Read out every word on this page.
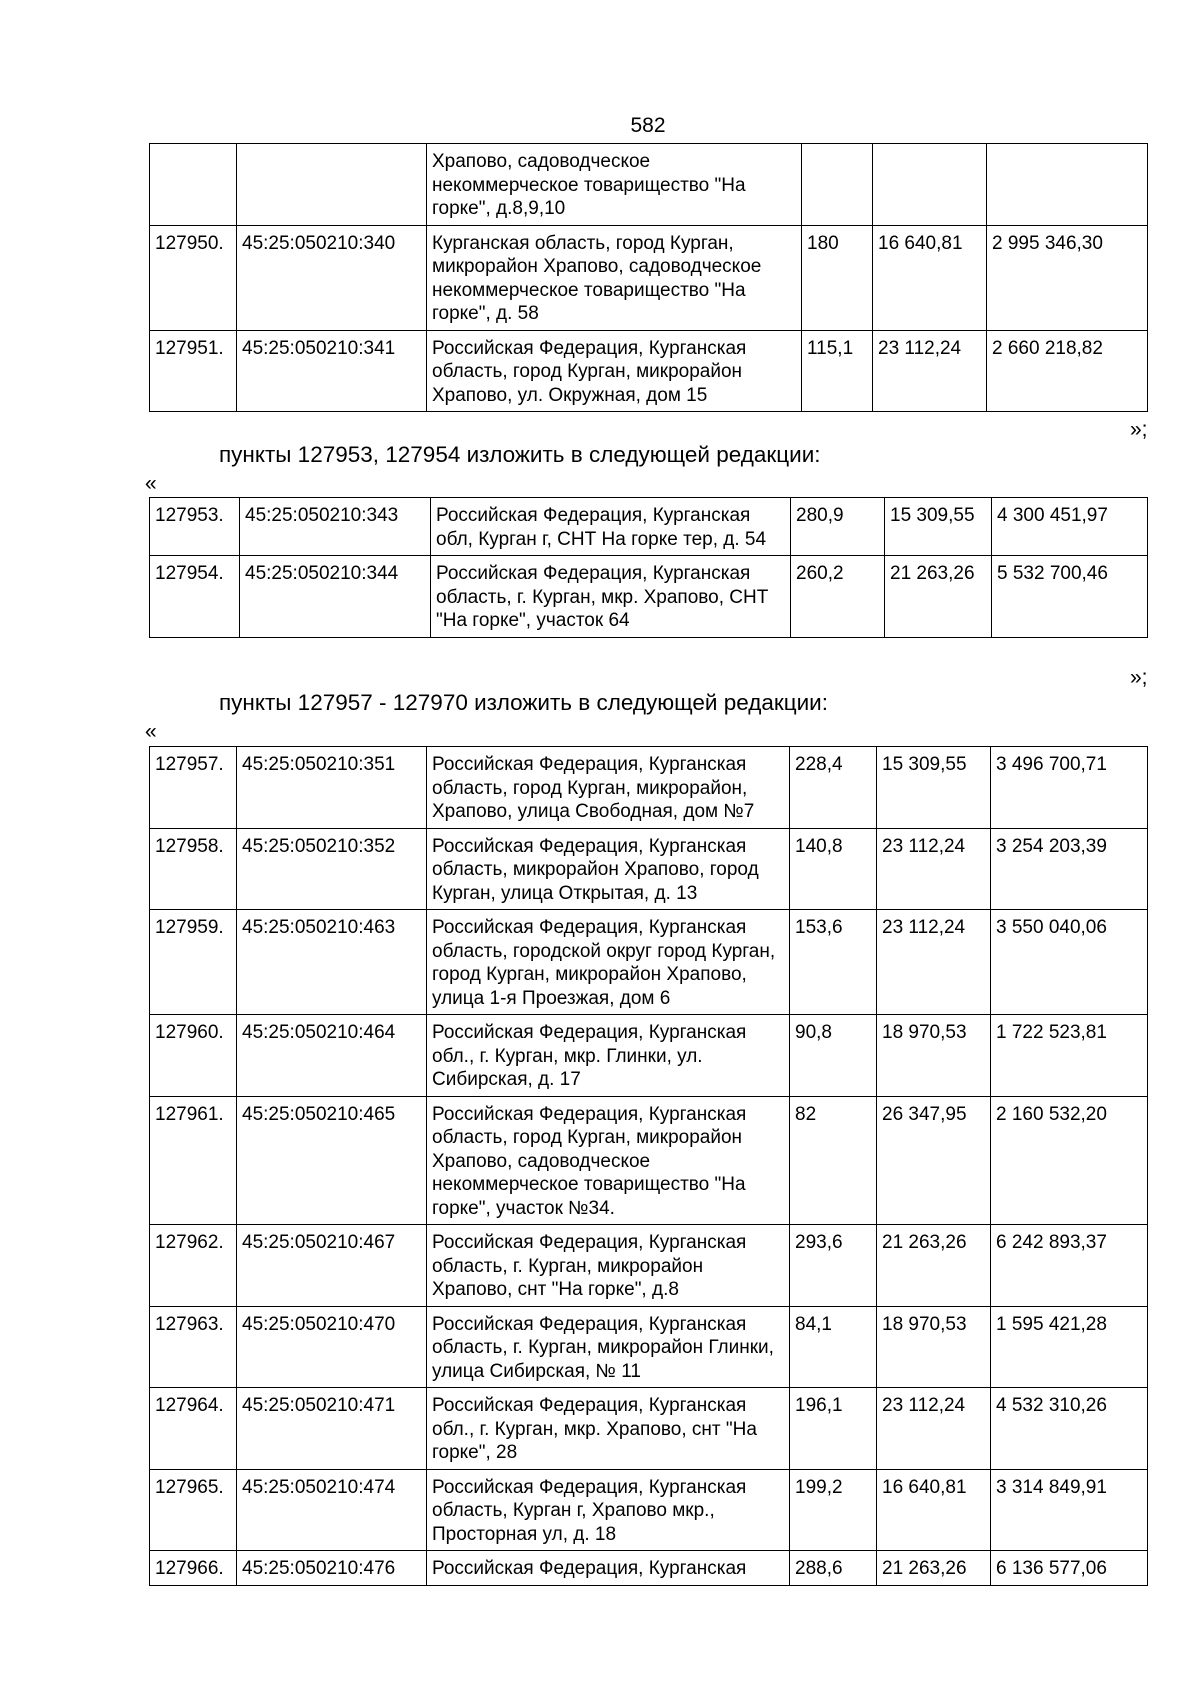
582
		Храпово, садоводческое некоммерческое товарищество "На горке", д.8,9,10			
127950.	45:25:050210:340	Курганская область, город Курган, микрорайон Храпово, садоводческое некоммерческое товарищество "На горке", д. 58	180	16 640,81	2 995 346,30
127951.	45:25:050210:341	Российская Федерация, Курганская область, город Курган, микрорайон Храпово, ул. Окружная, дом 15	115,1	23 112,24	2 660 218,82
»;
пункты 127953, 127954 изложить в следующей редакции:
«
127953.	45:25:050210:343	Российская Федерация, Курганская обл, Курган г, СНТ На горке тер, д. 54	280,9	15 309,55	4 300 451,97
127954.	45:25:050210:344	Российская Федерация, Курганская область, г. Курган, мкр. Храпово, СНТ "На горке", участок 64	260,2	21 263,26	5 532 700,46
»;
пункты 127957 - 127970 изложить в следующей редакции:
«
127957.	45:25:050210:351	Российская Федерация, Курганская область, город Курган, микрорайон, Храпово, улица Свободная, дом №7	228,4	15 309,55	3 496 700,71
127958.	45:25:050210:352	Российская Федерация, Курганская область, микрорайон Храпово, город Курган, улица Открытая, д. 13	140,8	23 112,24	3 254 203,39
127959.	45:25:050210:463	Российская Федерация, Курганская область, городской округ город Курган, город Курган, микрорайон Храпово, улица 1-я Проезжая, дом 6	153,6	23 112,24	3 550 040,06
127960.	45:25:050210:464	Российская Федерация, Курганская обл., г. Курган, мкр. Глинки, ул. Сибирская, д. 17	90,8	18 970,53	1 722 523,81
127961.	45:25:050210:465	Российская Федерация, Курганская область, город Курган, микрорайон Храпово, садоводческое некоммерческое товарищество "На горке", участок №34.	82	26 347,95	2 160 532,20
127962.	45:25:050210:467	Российская Федерация, Курганская область, г. Курган, микрорайон Храпово, снт "На горке", д.8	293,6	21 263,26	6 242 893,37
127963.	45:25:050210:470	Российская Федерация, Курганская область, г. Курган, микрорайон Глинки, улица Сибирская, № 11	84,1	18 970,53	1 595 421,28
127964.	45:25:050210:471	Российская Федерация, Курганская обл., г. Курган, мкр. Храпово, снт "На горке", 28	196,1	23 112,24	4 532 310,26
127965.	45:25:050210:474	Российская Федерация, Курганская область, Курган г, Храпово мкр., Просторная ул, д. 18	199,2	16 640,81	3 314 849,91
127966.	45:25:050210:476	Российская Федерация, Курганская	288,6	21 263,26	6 136 577,06
